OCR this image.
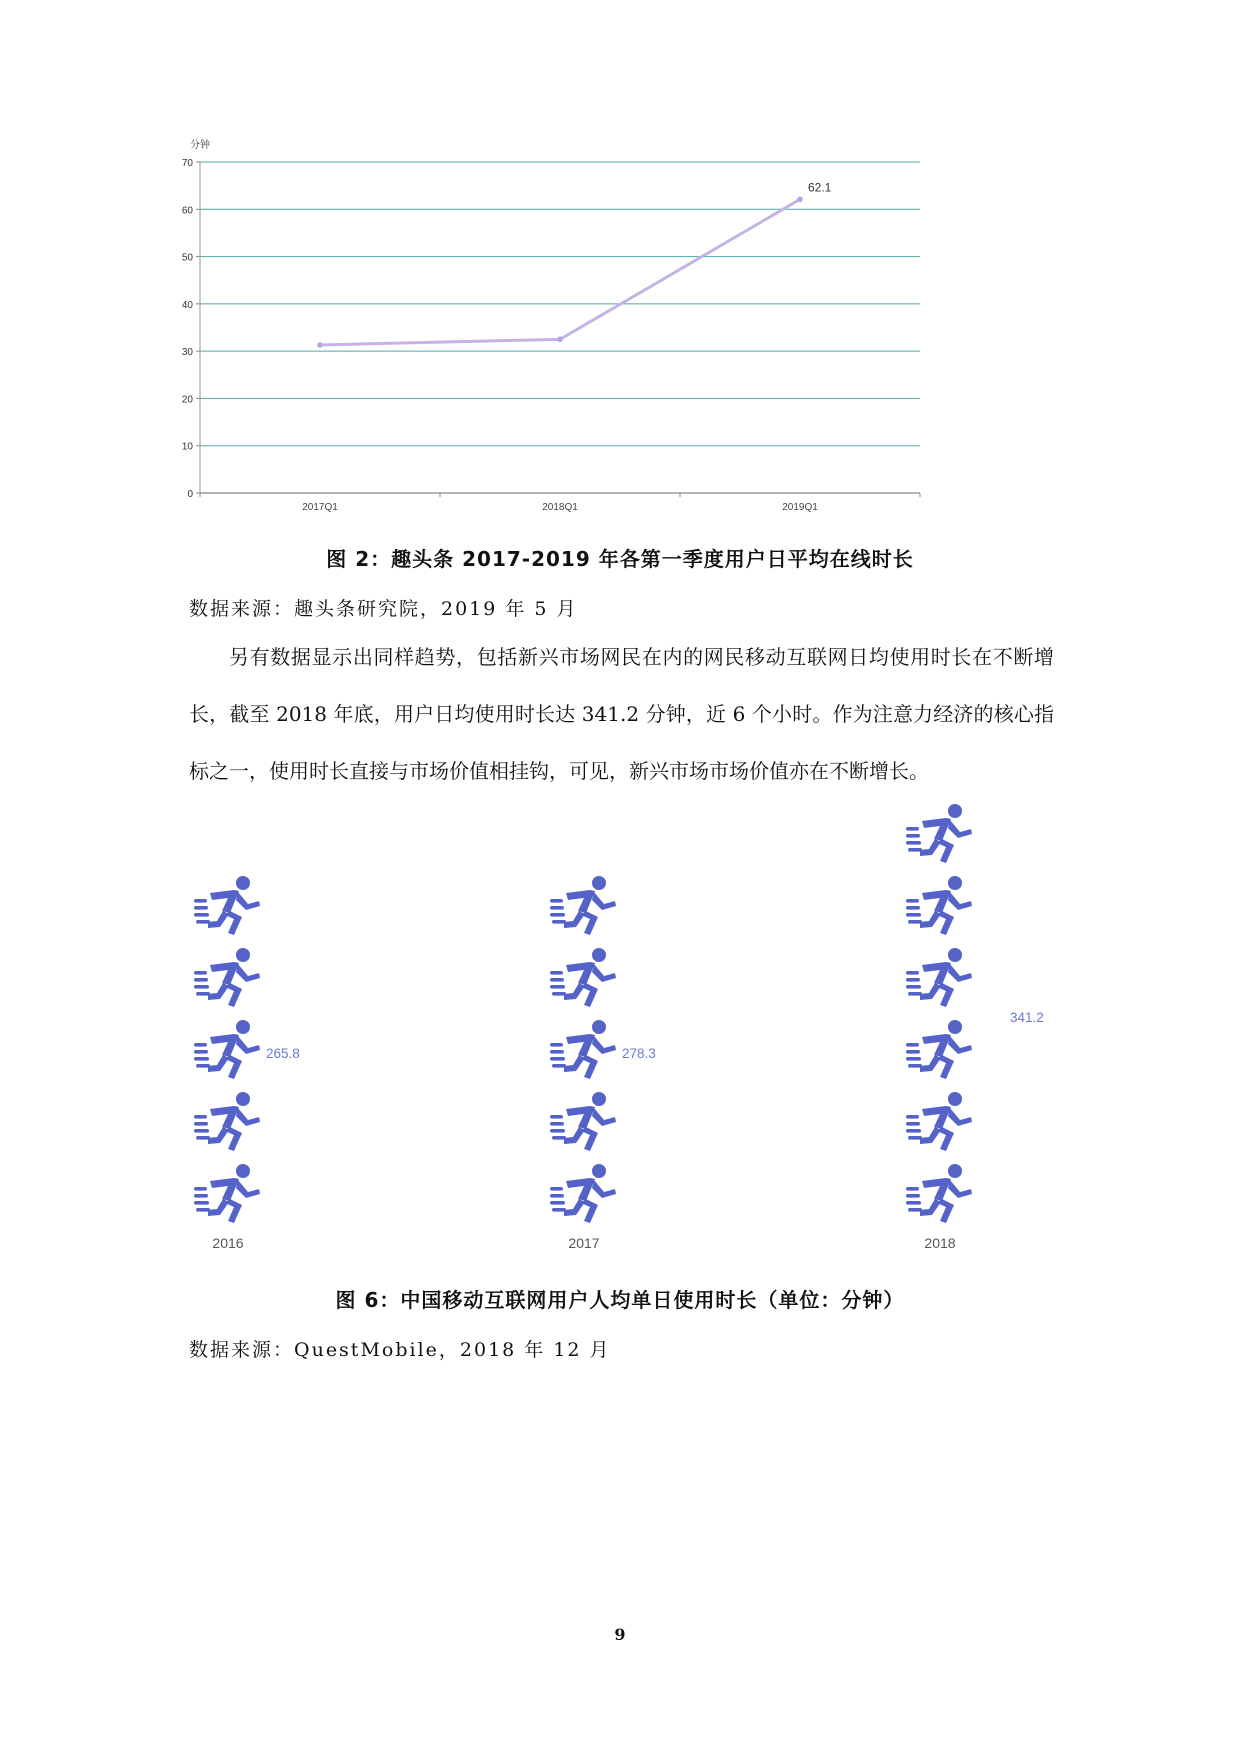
分钟
0
10
20
30
40
50
60
70
2017Q1	2018Q1	2019Q1
62.1
图 2：趣头条 2017-2019 年各第一季度用户日平均在线时长
数据来源：趣头条研究院，2019 年 5 月

另有数据显示出同样趋势，包括新兴市场网民在内的网民移动互联网日均使用时长在不断增长，截至 2018 年底，用户日均使用时长达 341.2 分钟，近 6 个小时。作为注意力经济的核心指标之一，使用时长直接与市场价值相挂钩，可见，新兴市场市场价值亦在不断增长。

2016
265.8
2017
278.3
2018
341.2
图 6：中国移动互联网用户人均单日使用时长（单位：分钟）
数据来源：QuestMobile，2018 年 12 月
9
